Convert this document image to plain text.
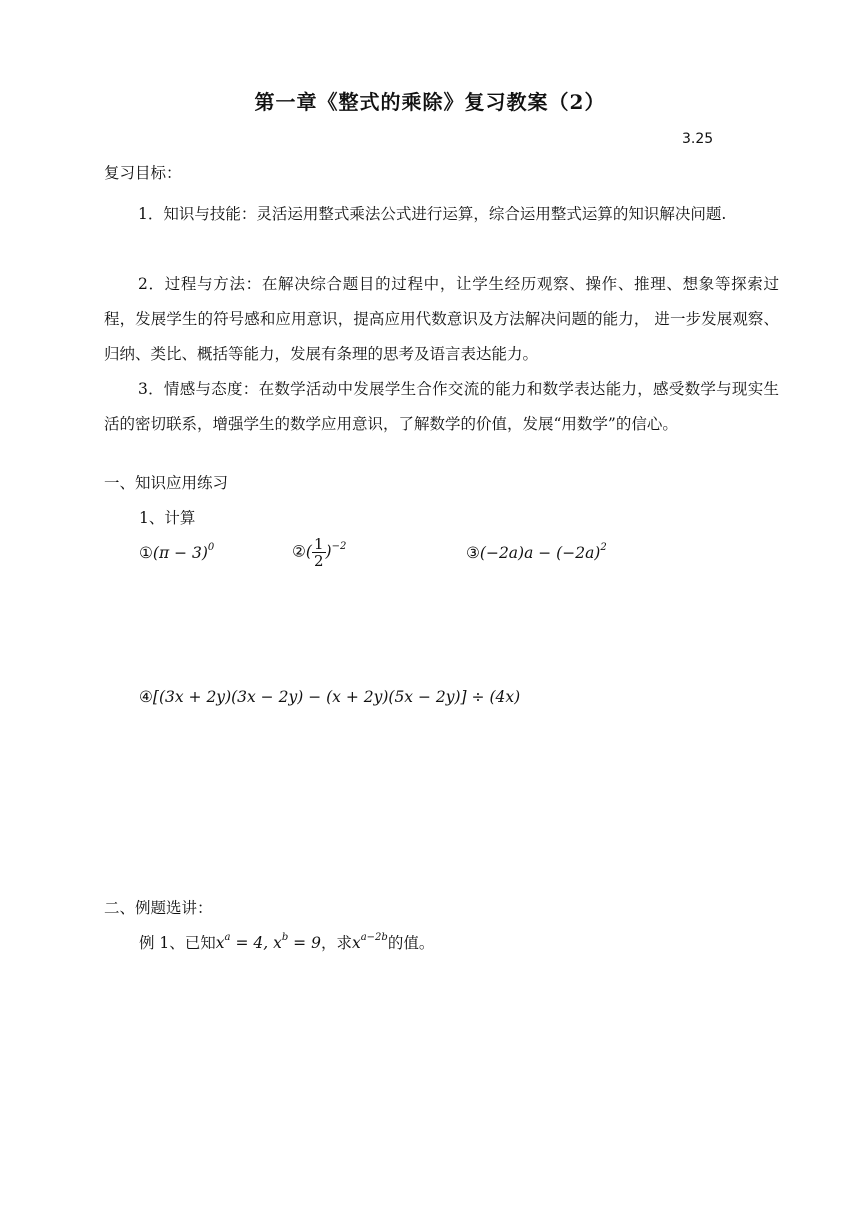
第一章《整式的乘除》复习教案（2）
3.25
复习目标：
1．知识与技能：灵活运用整式乘法公式进行运算，综合运用整式运算的知识解决问题.
2．过程与方法：在解决综合题目的过程中，让学生经历观察、操作、推理、想象等探索过程，发展学生的符号感和应用意识，提高应用代数意识及方法解决问题的能力， 进一步发展观察、归纳、类比、概括等能力，发展有条理的思考及语言表达能力。
3．情感与态度：在数学活动中发展学生合作交流的能力和数学表达能力，感受数学与现实生活的密切联系，增强学生的数学应用意识，了解数学的价值，发展“用数学”的信心。
一、知识应用练习
1、计算
①(π − 3)$^0$	②( $\frac{1}{2} )^{-2}$	③(−2a)a − $(-2a)^2$
④[(3x + 2y)(3x − 2y) − (x + 2y)(5x − 2y)] ÷ (4x)
二、例题选讲：
例 1、已知$x^a = 4$, $x^b = 9$，求$x^{a-2b}$的值。
